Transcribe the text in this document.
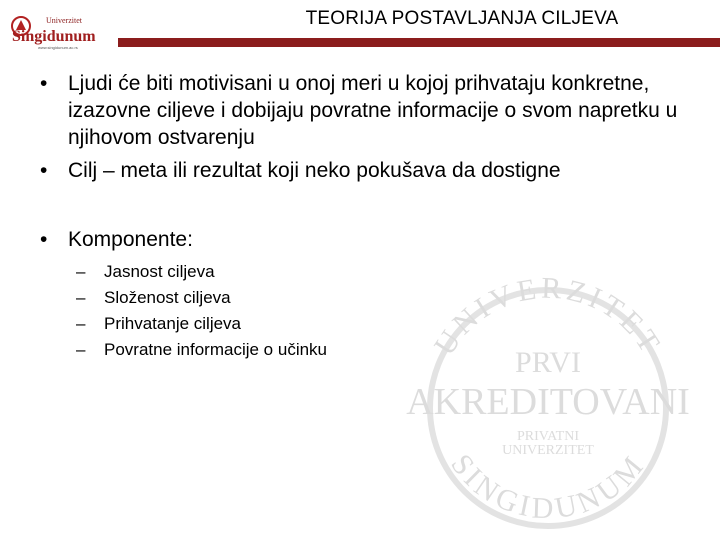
Univerzitet
Singidunum
www.singidunum.ac.rs
TEORIJA POSTAVLJANJA CILJEVA
UNIVERZITET
SINGIDUNUM
PRVI
AKREDITOVANI
PRIVATNI
UNIVERZITET
• Ljudi će biti motivisani u onoj meri u kojoj prihvataju konkretne, izazovne ciljeve i dobijaju povratne informacije o svom napretku u njihovom ostvarenju
• Cilj – meta ili rezultat koji neko pokušava da dostigne
• Komponente:
– Jasnost ciljeva
– Složenost ciljeva
– Prihvatanje ciljeva
– Povratne informacije o učinku
